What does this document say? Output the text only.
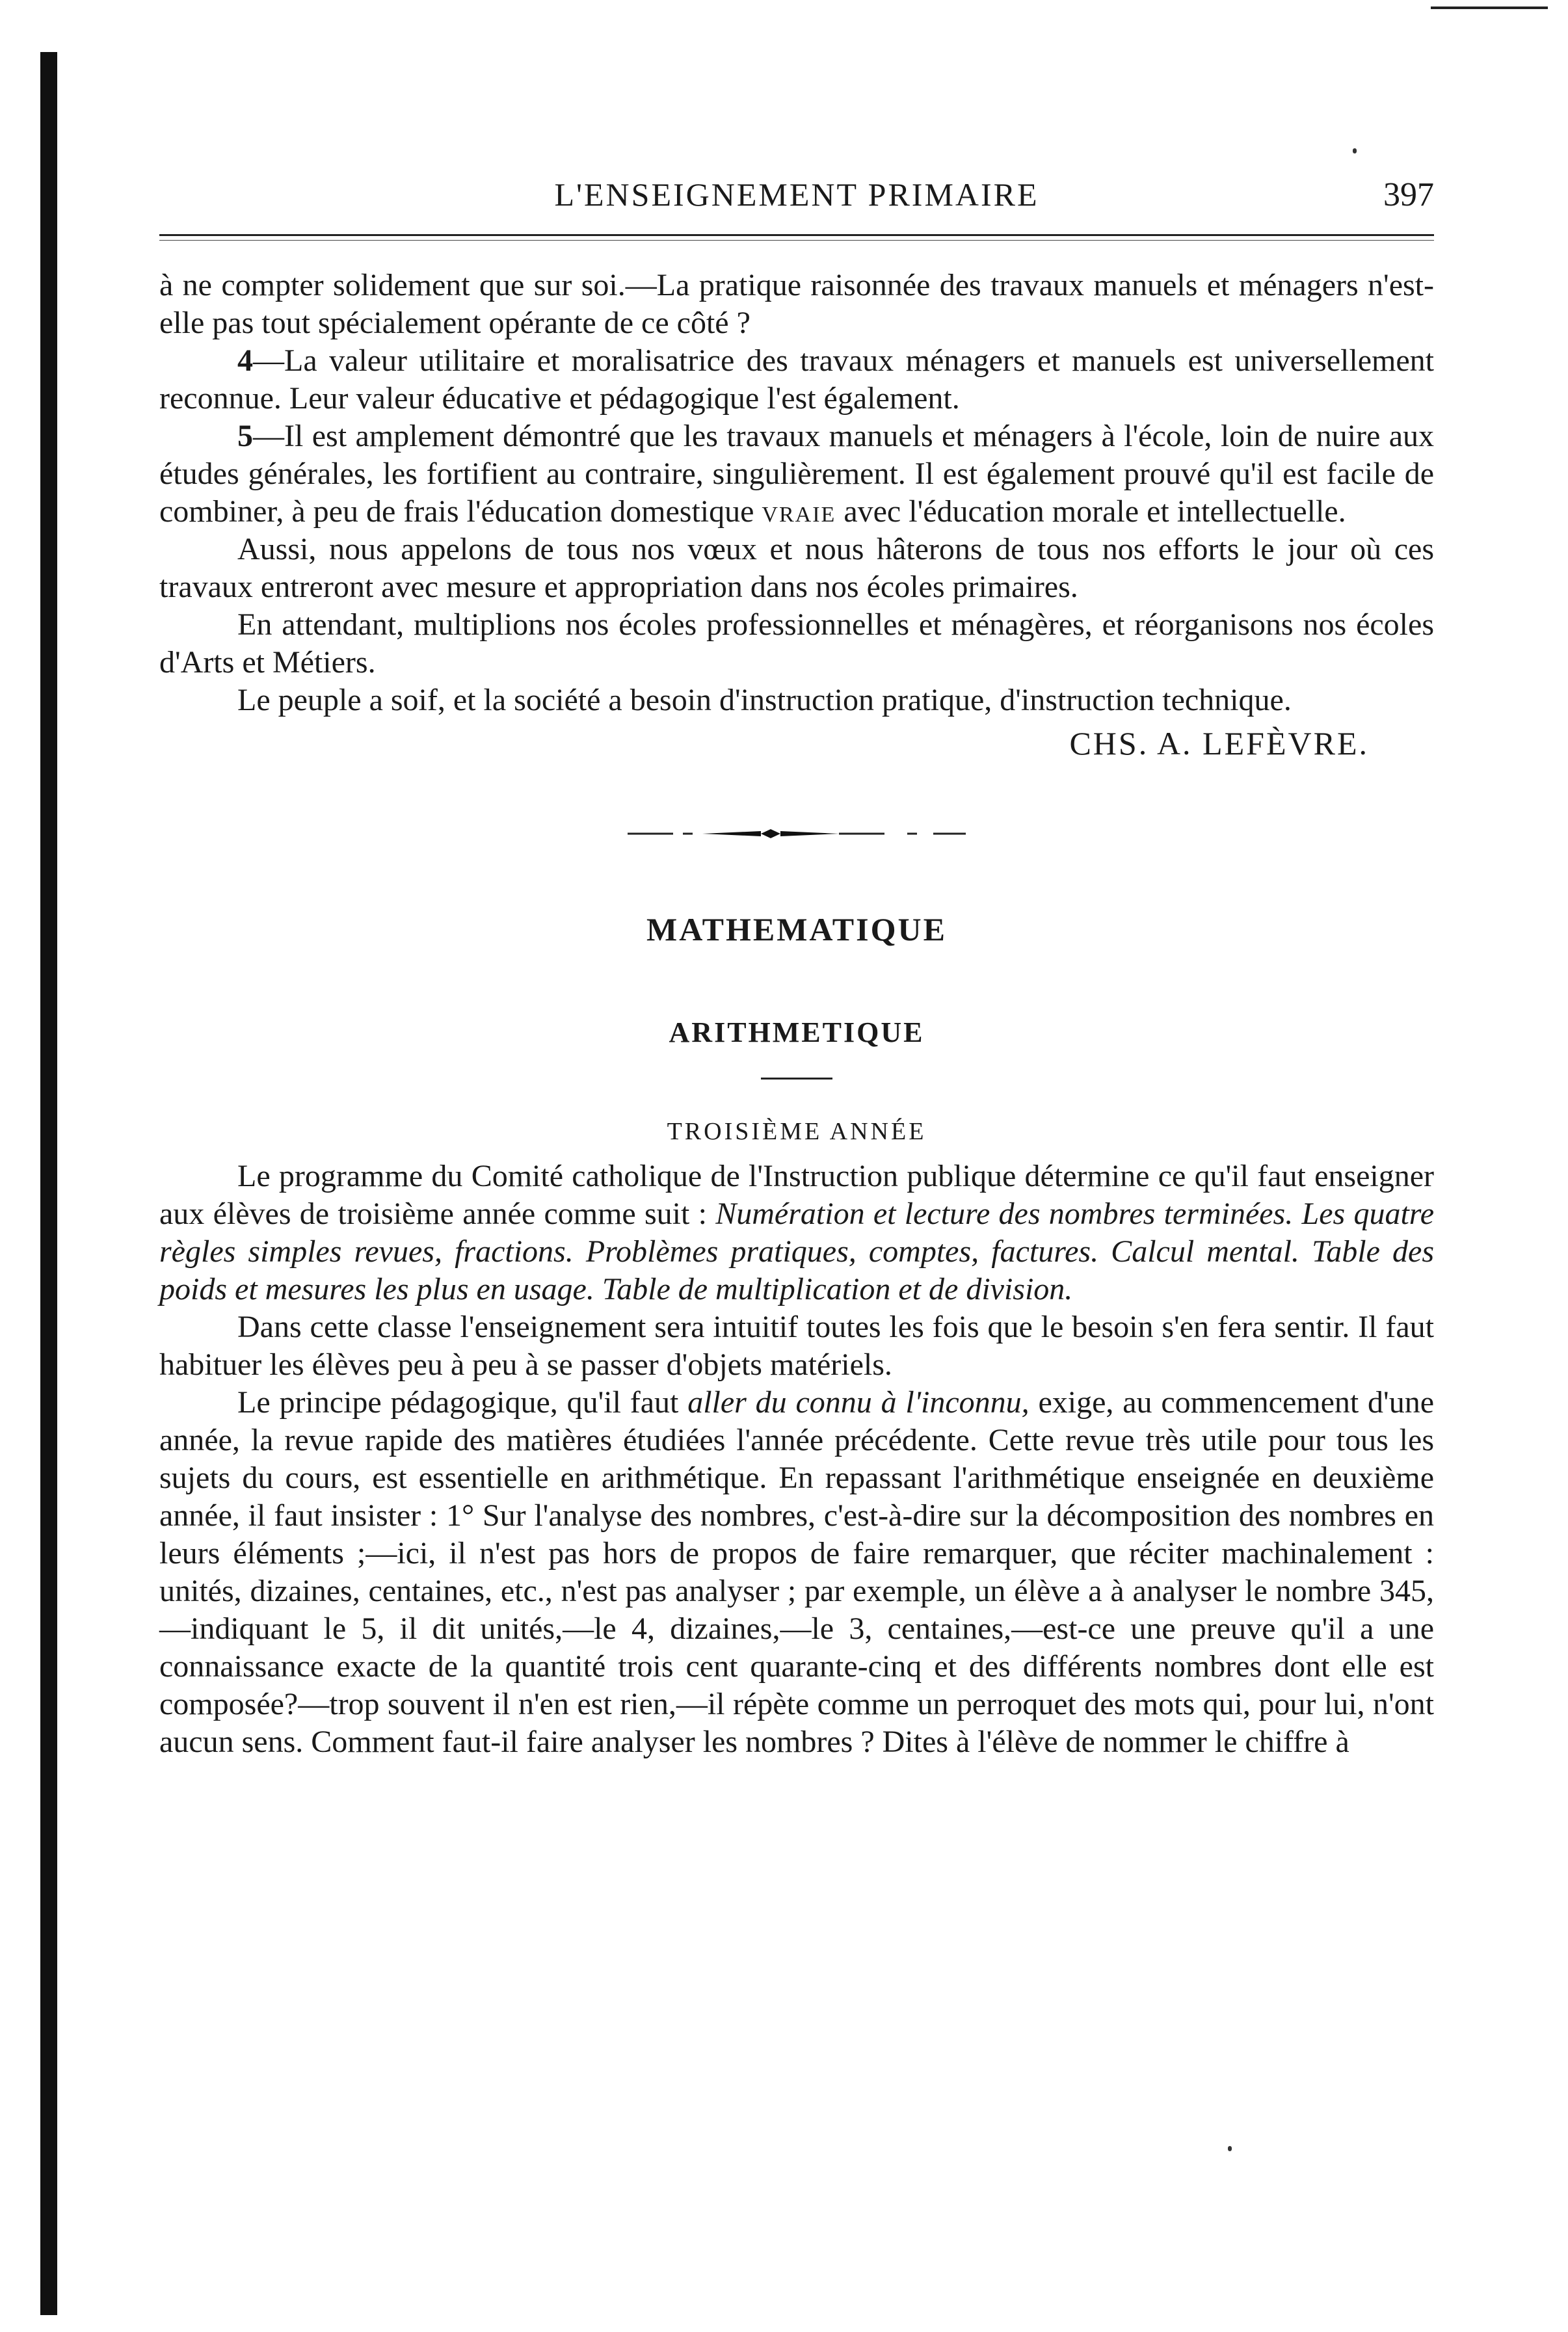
L'ENSEIGNEMENT PRIMAIRE	397

à ne compter solidement que sur soi.—La pratique raisonnée des travaux manuels et ménagers n'est-elle pas tout spécialement opérante de ce côté ?

4—La valeur utilitaire et moralisatrice des travaux ménagers et manuels est universellement reconnue. Leur valeur éducative et pédagogique l'est également.

5—Il est amplement démontré que les travaux manuels et ménagers à l'école, loin de nuire aux études générales, les fortifient au contraire, singulièrement. Il est également prouvé qu'il est facile de combiner, à peu de frais l'éducation domestique vraie avec l'éducation morale et intellectuelle.

Aussi, nous appelons de tous nos vœux et nous hâterons de tous nos efforts le jour où ces travaux entreront avec mesure et appropriation dans nos écoles primaires.

En attendant, multiplions nos écoles professionnelles et ménagères, et réorganisons nos écoles d'Arts et Métiers.

Le peuple a soif, et la société a besoin d'instruction pratique, d'instruction technique.

CHS. A. LEFÈVRE.
MATHEMATIQUE
ARITHMETIQUE
TROISIÈME ANNÉE

Le programme du Comité catholique de l'Instruction publique détermine ce qu'il faut enseigner aux élèves de troisième année comme suit : Numération et lecture des nombres terminées. Les quatre règles simples revues, fractions. Problèmes pratiques, comptes, factures. Calcul mental. Table des poids et mesures les plus en usage. Table de multiplication et de division.

Dans cette classe l'enseignement sera intuitif toutes les fois que le besoin s'en fera sentir. Il faut habituer les élèves peu à peu à se passer d'objets matériels.

Le principe pédagogique, qu'il faut aller du connu à l'inconnu, exige, au commencement d'une année, la revue rapide des matières étudiées l'année précédente. Cette revue très utile pour tous les sujets du cours, est essentielle en arithmétique. En repassant l'arithmétique enseignée en deuxième année, il faut insister : 1° Sur l'analyse des nombres, c'est-à-dire sur la décomposition des nombres en leurs éléments ;—ici, il n'est pas hors de propos de faire remarquer, que réciter machinalement : unités, dizaines, centaines, etc., n'est pas analyser ; par exemple, un élève a à analyser le nombre 345,—indiquant le 5, il dit unités,—le 4, dizaines,—le 3, centaines,—est-ce une preuve qu'il a une connaissance exacte de la quantité trois cent quarante-cinq et des différents nombres dont elle est composée?—trop souvent il n'en est rien,—il répète comme un perroquet des mots qui, pour lui, n'ont aucun sens. Comment faut-il faire analyser les nombres ? Dites à l'élève de nommer le chiffre à
